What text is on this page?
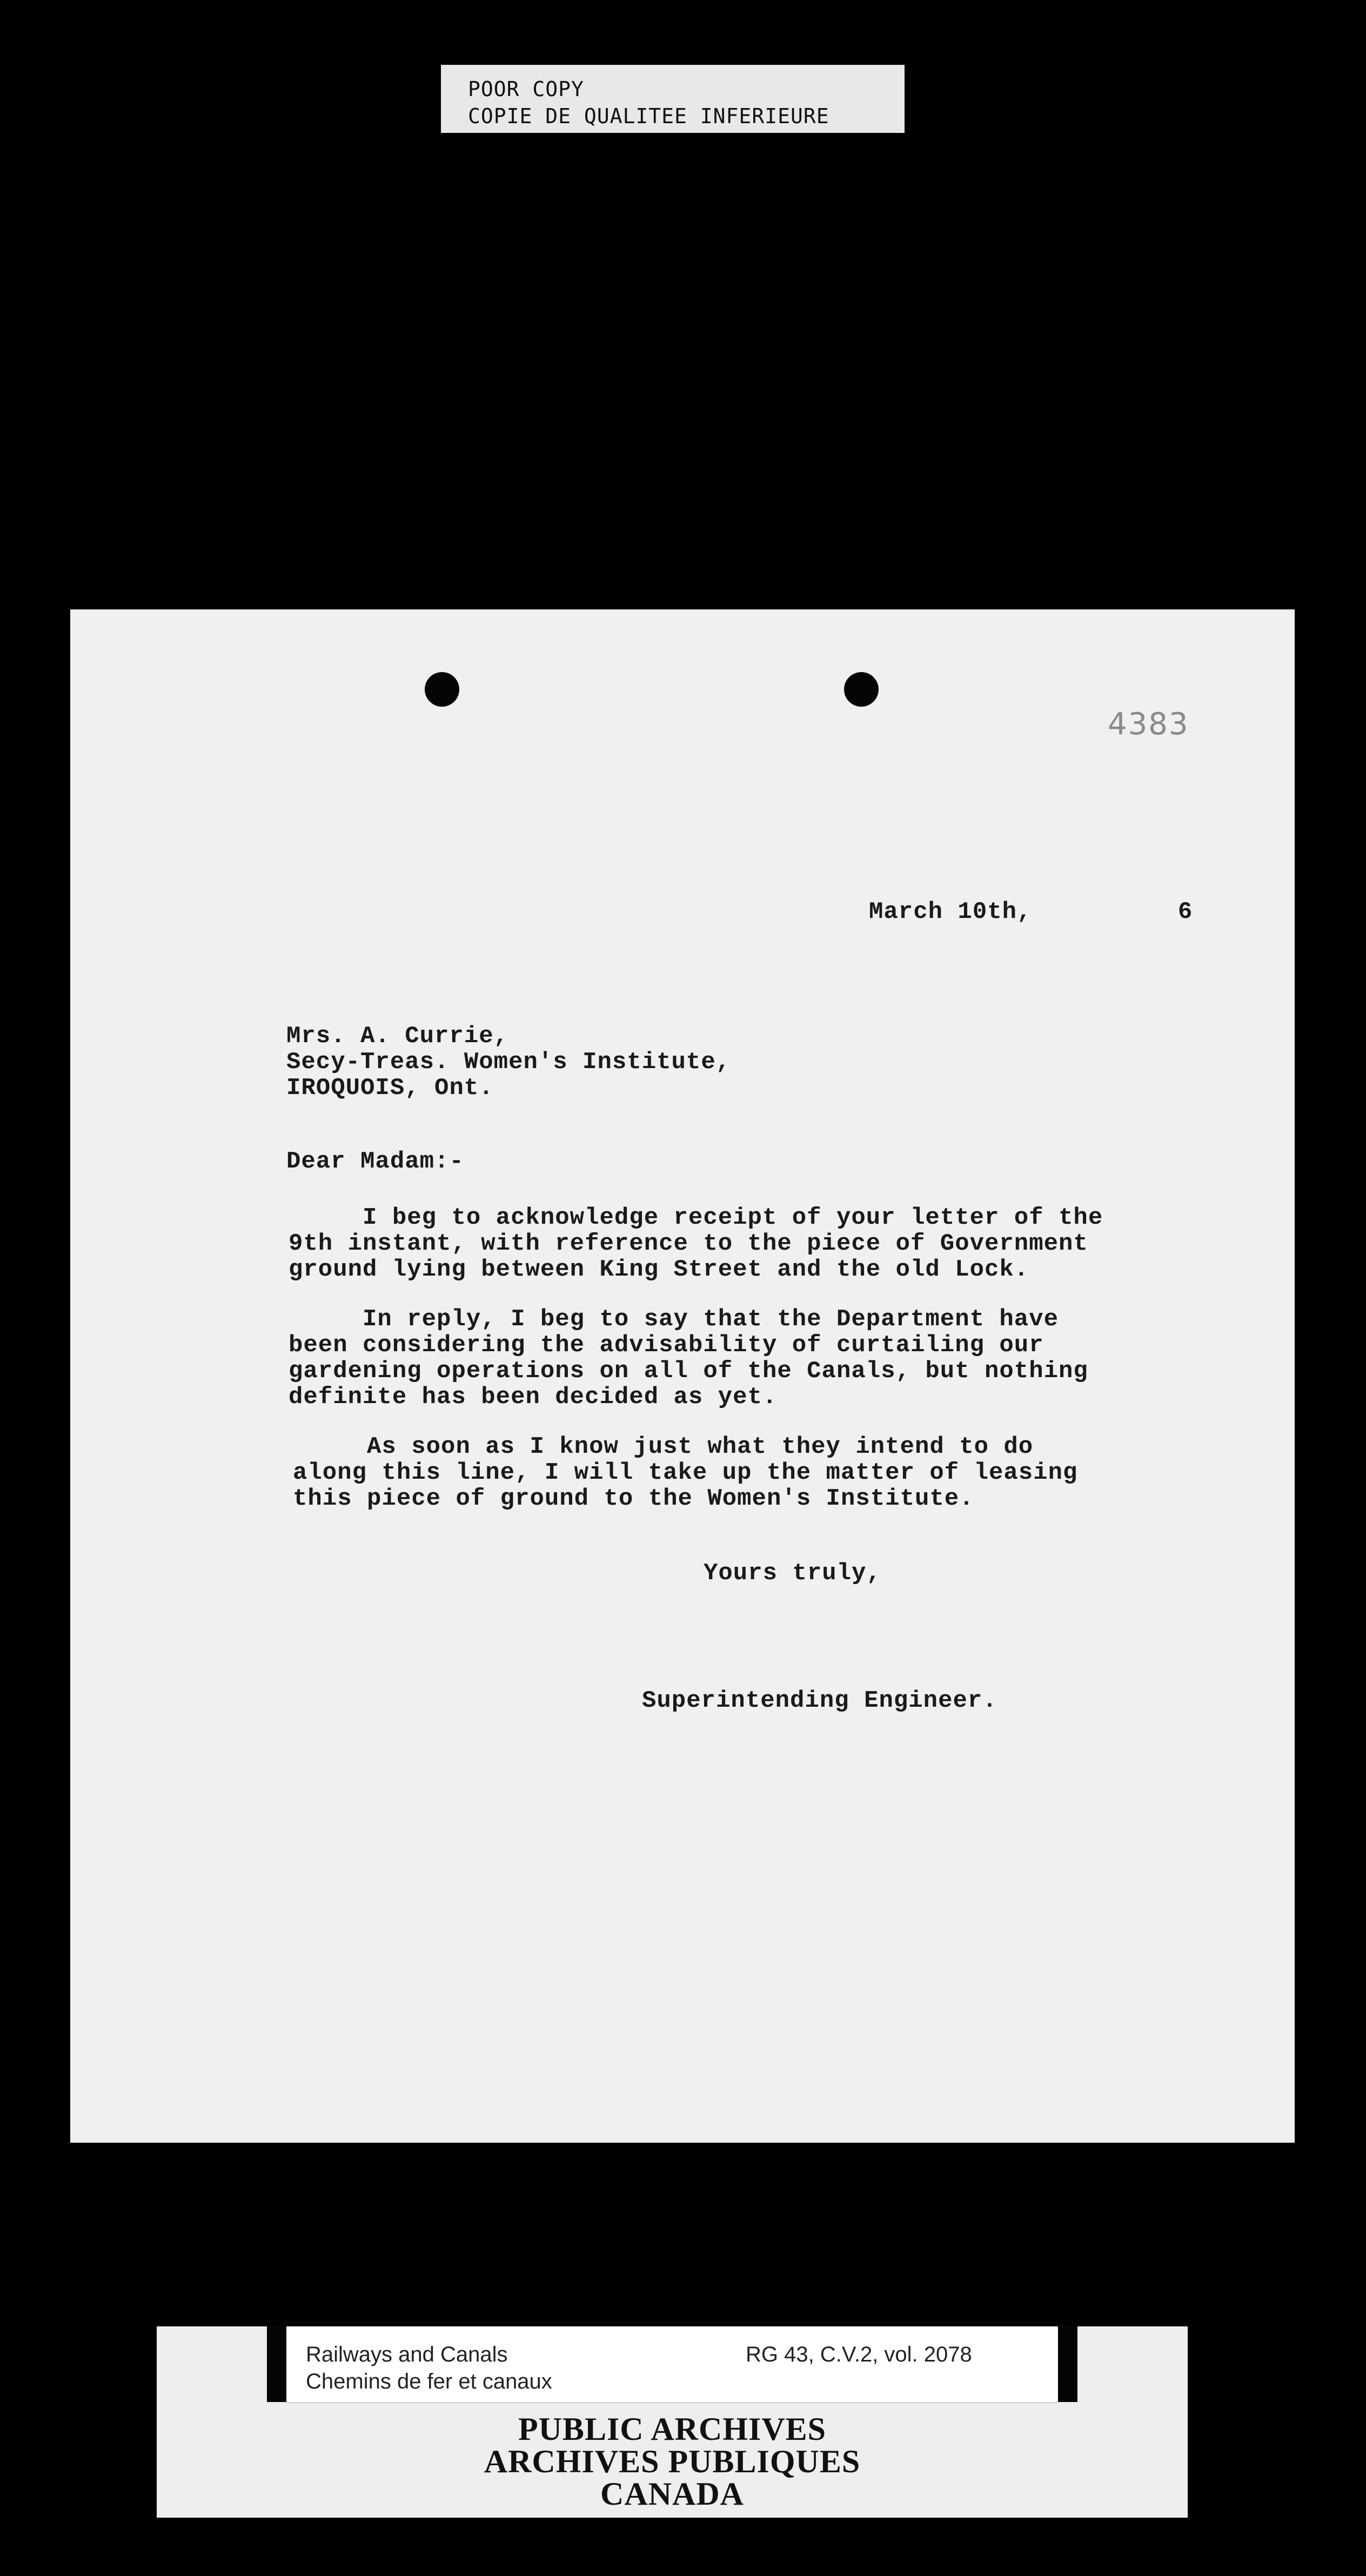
POOR COPY
COPIE DE QUALITEE INFERIEURE
4383
March 10th,	6
Mrs. A. Currie,
Secy-Treas. Women's Institute,
IROQUOIS, Ont.
Dear Madam:-
I beg to acknowledge receipt of your letter of the
9th instant, with reference to the piece of Government
ground lying between King Street and the old Lock.
In reply, I beg to say that the Department have
been considering the advisability of curtailing our
gardening operations on all of the Canals, but nothing
definite has been decided as yet.
As soon as I know just what they intend to do
along this line, I will take up the matter of leasing
this piece of ground to the Women's Institute.
Yours truly,
Superintending Engineer.
Railways and Canals
Chemins de fer et canaux
RG 43, C.V.2, vol. 2078
PUBLIC ARCHIVES
ARCHIVES PUBLIQUES
CANADA
